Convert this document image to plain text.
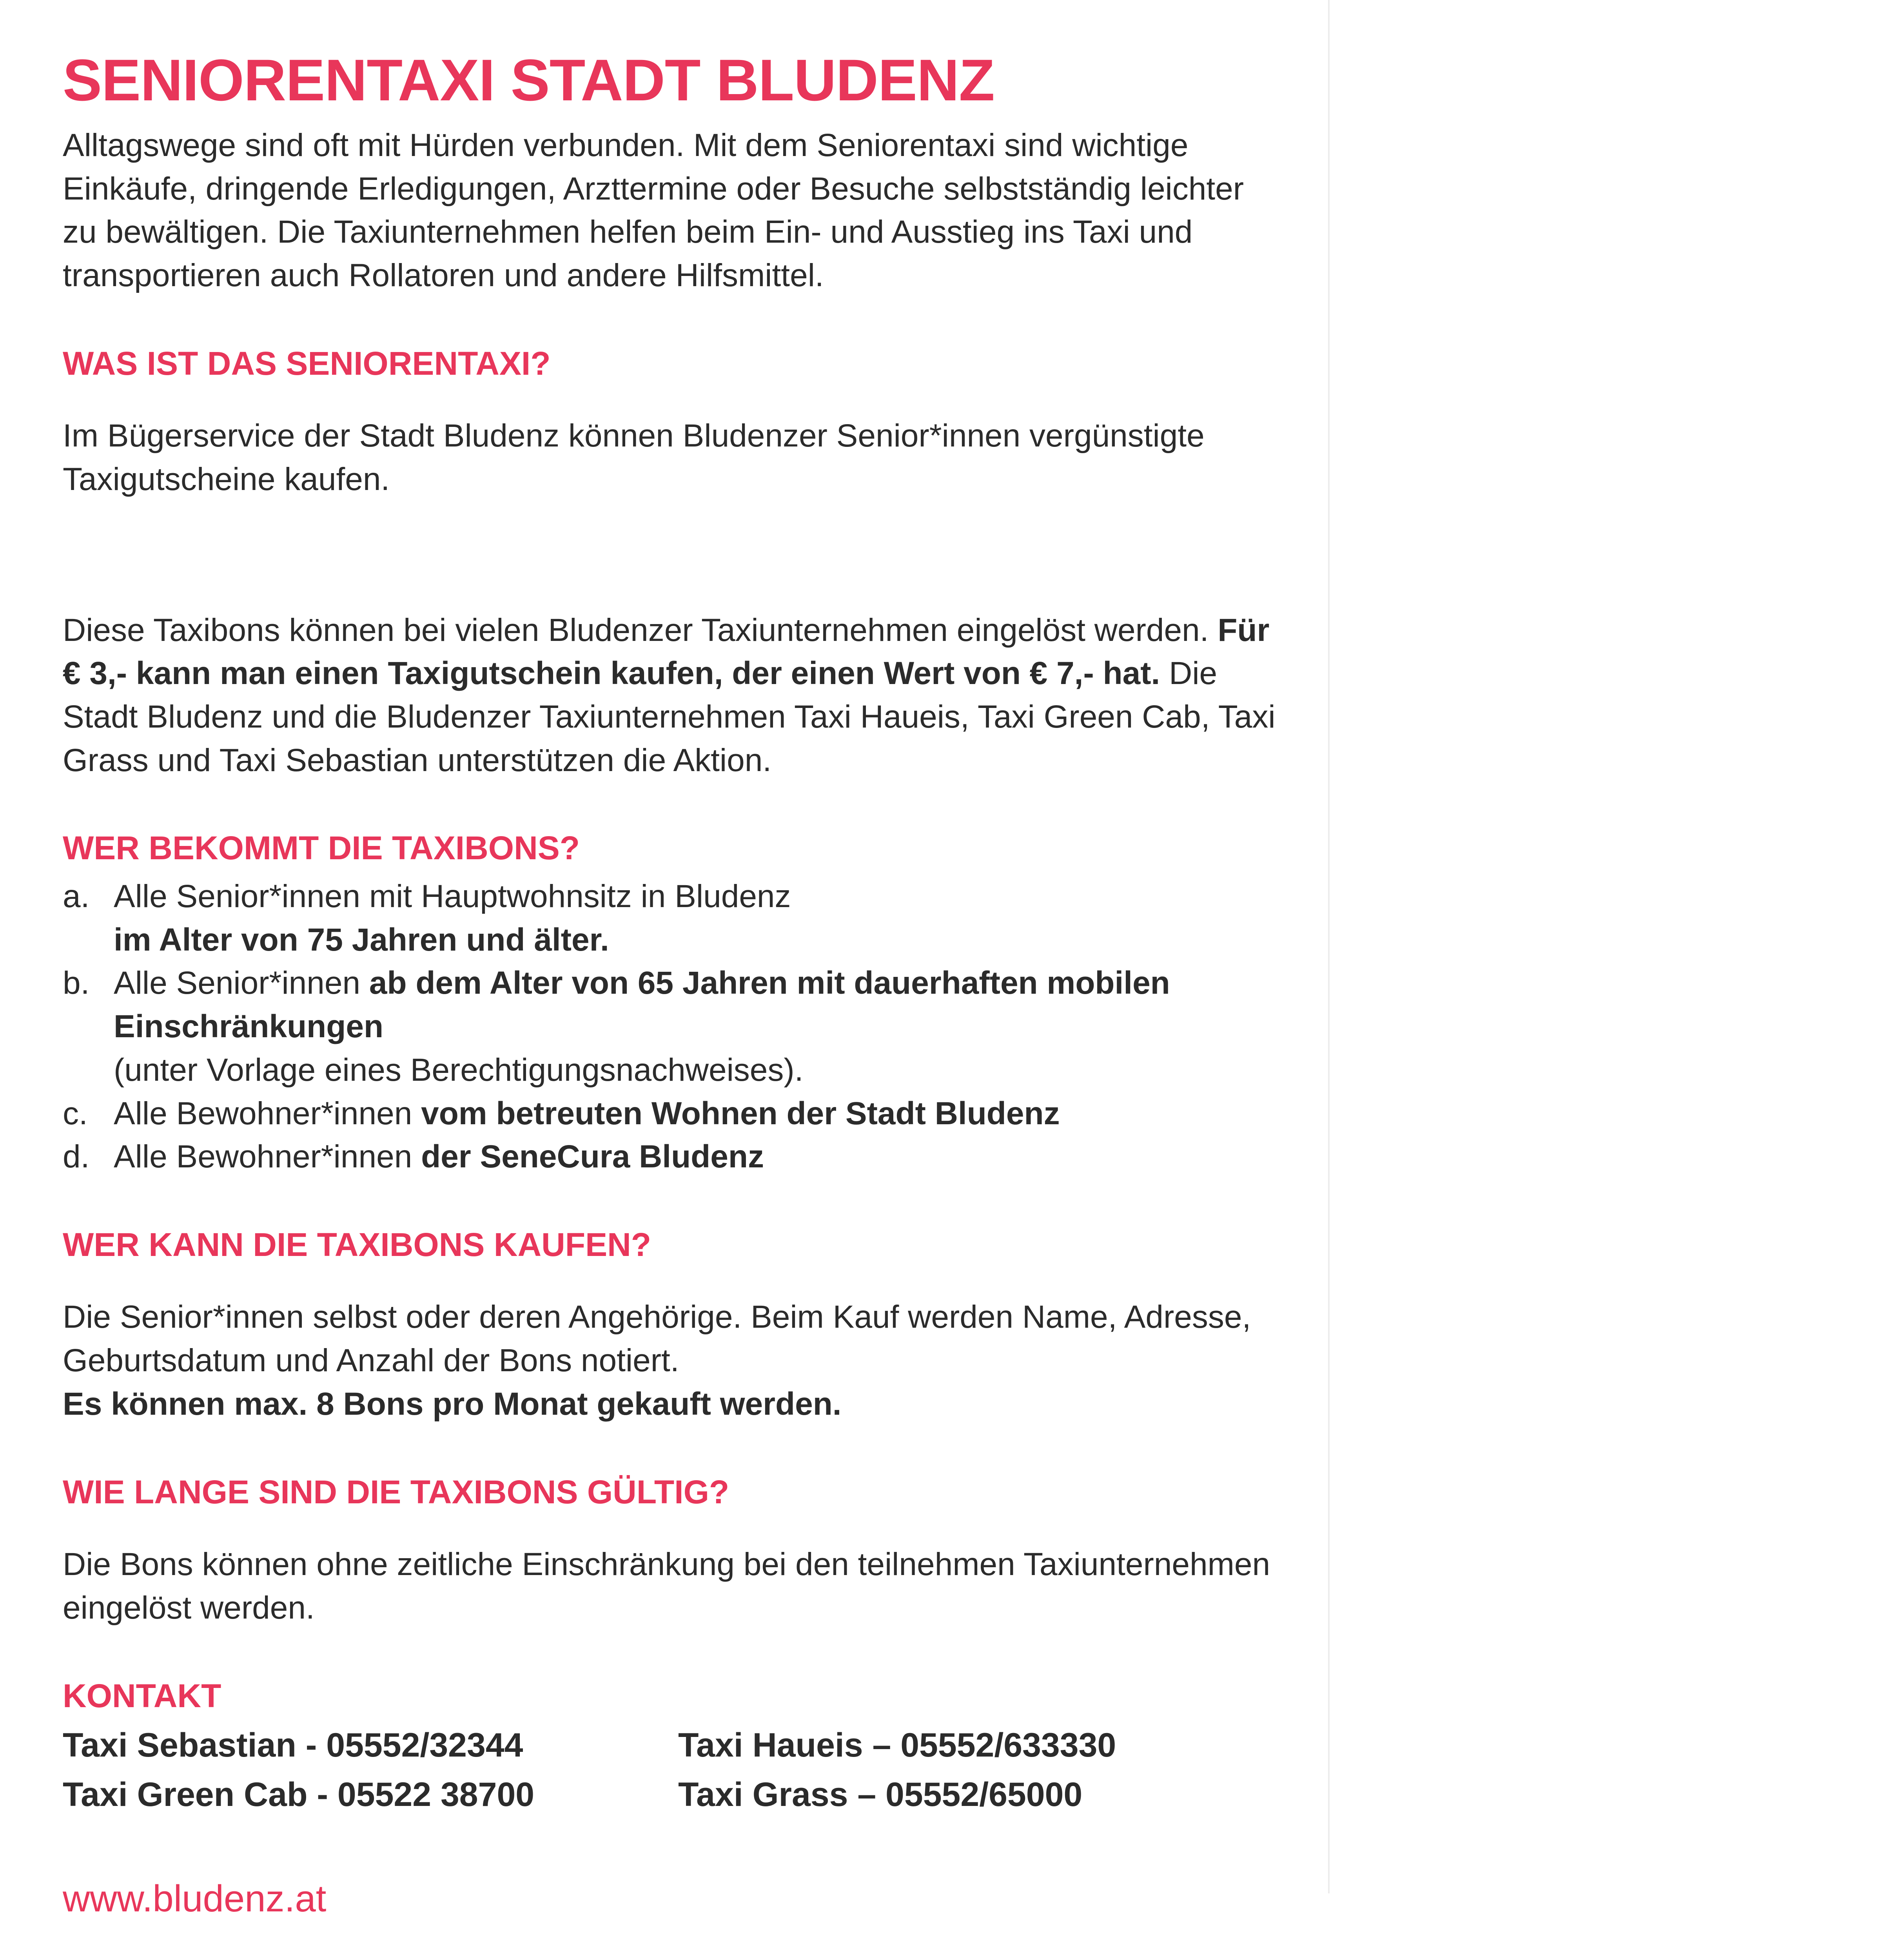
SENIORENTAXI STADT BLUDENZ

Alltagswege sind oft mit Hürden verbunden. Mit dem Seniorentaxi sind wichtige Einkäufe, dringende Erledigungen, Arzttermine oder Besuche selbstständig leichter zu bewältigen. Die Taxiunternehmen helfen beim Ein- und Ausstieg ins Taxi und transportieren auch Rollatoren und andere Hilfsmittel.

WAS IST DAS SENIORENTAXI?

Im Bügerservice der Stadt Bludenz können Bludenzer Senior*innen vergünstigte Taxigutscheine kaufen.

Diese Taxibons können bei vielen Bludenzer Taxiunternehmen eingelöst werden. Für € 3,- kann man einen Taxigutschein kaufen, der einen Wert von € 7,- hat. Die Stadt Bludenz und die Bludenzer Taxiunternehmen Taxi Haueis, Taxi Green Cab, Taxi Grass und Taxi Sebastian unterstützen die Aktion.

WER BEKOMMT DIE TAXIBONS?
a. Alle Senior*innen mit Hauptwohnsitz in Bludenz
im Alter von 75 Jahren und älter.
b. Alle Senior*innen ab dem Alter von 65 Jahren mit dauerhaften mobilen Einschränkungen
(unter Vorlage eines Berechtigungsnachweises).
c. Alle Bewohner*innen vom betreuten Wohnen der Stadt Bludenz
d. Alle Bewohner*innen der SeneCura Bludenz
WER KANN DIE TAXIBONS KAUFEN?

Die Senior*innen selbst oder deren Angehörige. Beim Kauf werden Name, Adresse, Geburtsdatum und Anzahl der Bons notiert.
Es können max. 8 Bons pro Monat gekauft werden.

WIE LANGE SIND DIE TAXIBONS GÜLTIG?

Die Bons können ohne zeitliche Einschränkung bei den teilnehmen Taxiunternehmen eingelöst werden.

KONTAKT
Taxi Sebastian - 05552/32344	Taxi Haueis – 05552/633330
Taxi Green Cab - 05522 38700	Taxi Grass – 05552/65000
www.bludenz.at
